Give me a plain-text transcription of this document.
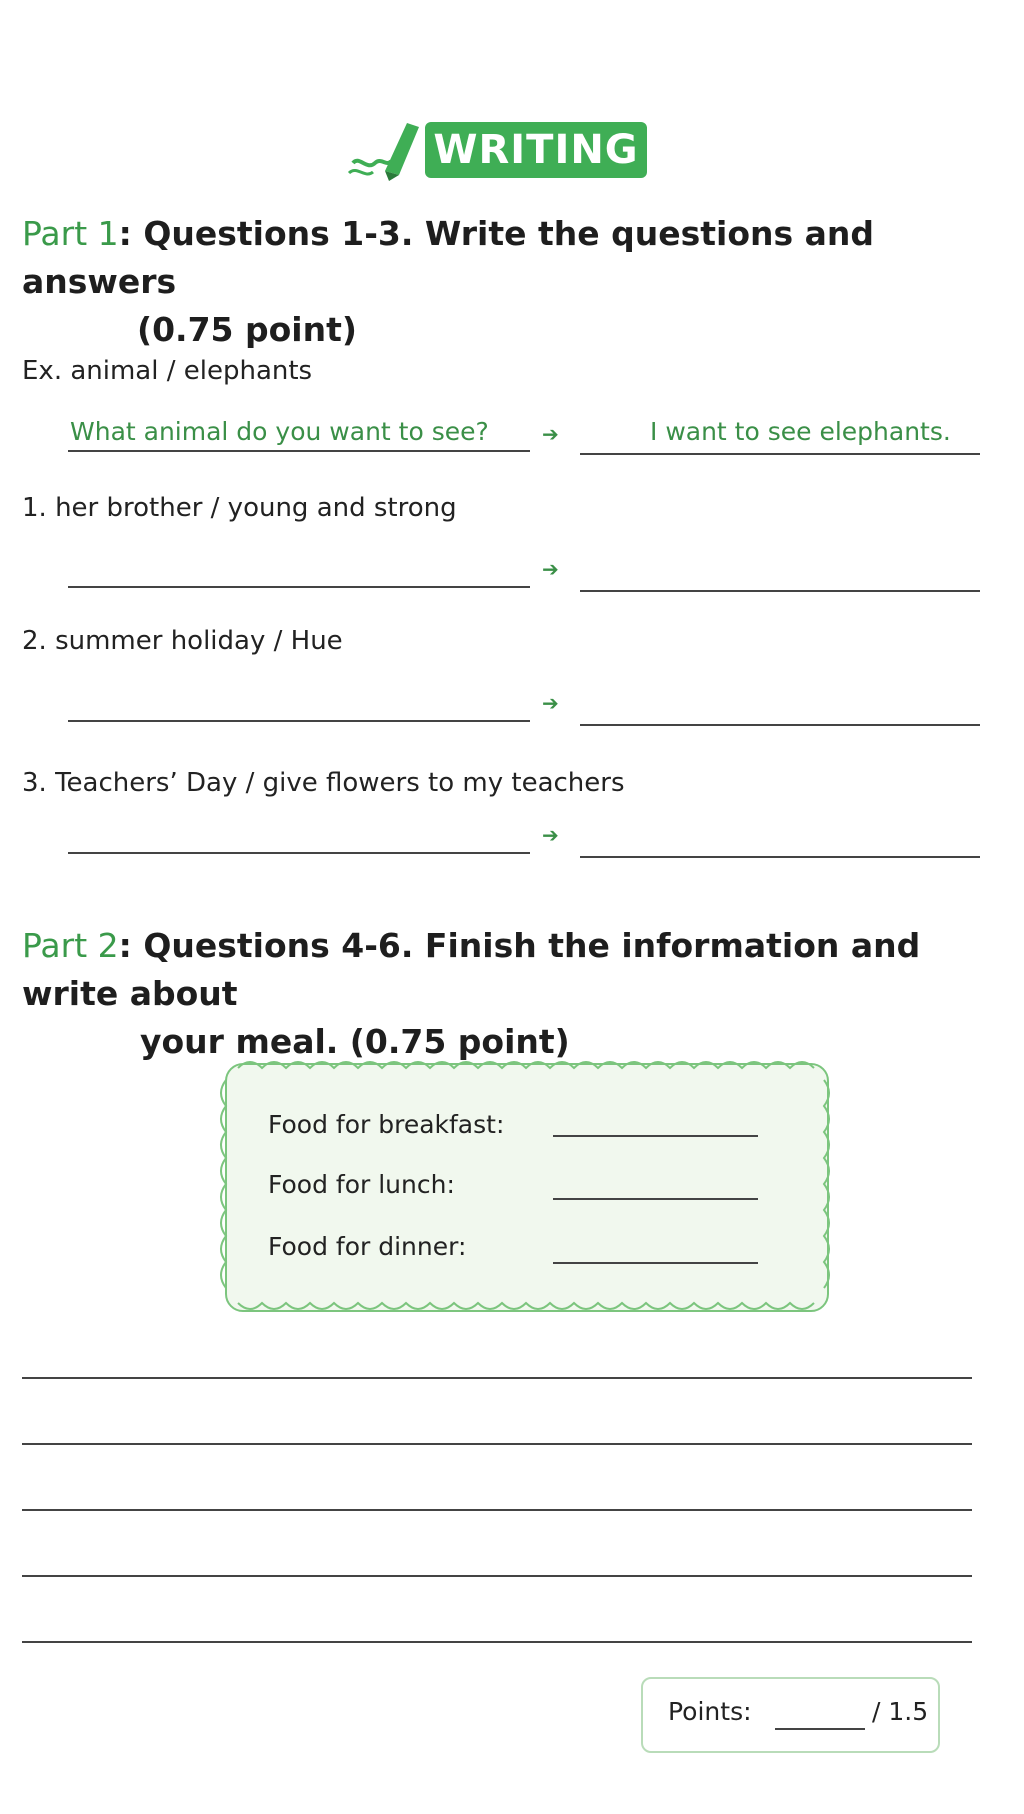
WRITING
Part 1: Questions 1-3. Write the questions and answers
(0.75 point)
Ex. animal / elephants
What animal do you want to see?	➔	I want to see elephants.
1. her brother / young and strong
➔
2. summer holiday / Hue
➔
3. Teachers’ Day / give flowers to my teachers
➔
Part 2: Questions 4-6. Finish the information and write about
your meal. (0.75 point)
Food for breakfast:
Food for lunch:
Food for dinner:
Points:	/ 1.5
